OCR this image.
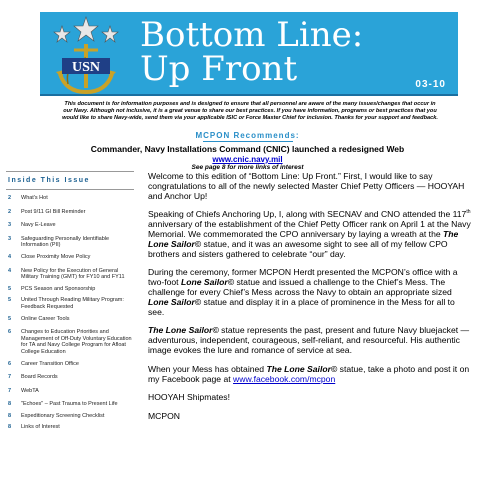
USN
Bottom Line:
Up Front	03-10
This document is for information purposes and is designed to ensure that all personnel are aware of the many issues/changes that occur in our Navy. Although not inclusive, it is a great venue to share our best practices. If you have information, programs or best practices that you would like to share Navy-wide, send them via your applicable ISIC or Force Master Chief for inclusion. Thanks for your support and feedback.
MCPON Recommends:
Commander, Navy Installations Command (CNIC) launched a redesigned Web
www.cnic.navy.mil
See page 8 for more links of interest
Inside This Issue
2	What's Hot
2	Post 9/11 GI Bill Reminder
3	Navy E-Leave
3	Safeguarding Personally Identifiable Information (PII)
4	Close Proximity Move Policy
4	New Policy for the Execution of General Military Training (GMT) for FY10 and FY11
5	PCS Season and Sponsorship
5	United Through Reading Military Program: Feedback Requested
5	Online Career Tools
6	Changes to Education Priorities and Management of Off-Duty Voluntary Education for TA and Navy College Program for Afloat College Education
6	Career Transition Office
7	Board Records
7	WebTA
8	"Echoes" – Past Trauma to Present Life
8	Expeditionary Screening Checklist
8	Links of Interest

Welcome to this edition of “Bottom Line: Up Front.” First, I would like to say congratulations to all of the newly selected Master Chief Petty Officers — HOOYAH and Anchor Up!

Speaking of Chiefs Anchoring Up, I, along with SECNAV and CNO attended the 117th anniversary of the establishment of the Chief Petty Officer rank on April 1 at the Navy Memorial. We commemorated the CPO anniversary by laying a wreath at the The Lone Sailor© statue, and it was an awesome sight to see all of my fellow CPO brothers and sisters gathered to celebrate “our” day.

During the ceremony, former MCPON Herdt presented the MCPON’s office with a two-foot Lone Sailor© statue and issued a challenge to the Chief’s Mess. The challenge for every Chief’s Mess across the Navy to obtain an appropriate sized Lone Sailor© statue and display it in a place of prominence in the Mess for all to see.

The Lone Sailor© statue represents the past, present and future Navy bluejacket — adventurous, independent, courageous, self-reliant, and resourceful. His authentic image evokes the lure and romance of service at sea.

When your Mess has obtained The Lone Sailor© statue, take a photo and post it on my Facebook page at www.facebook.com/mcpon

HOOYAH Shipmates!

MCPON
